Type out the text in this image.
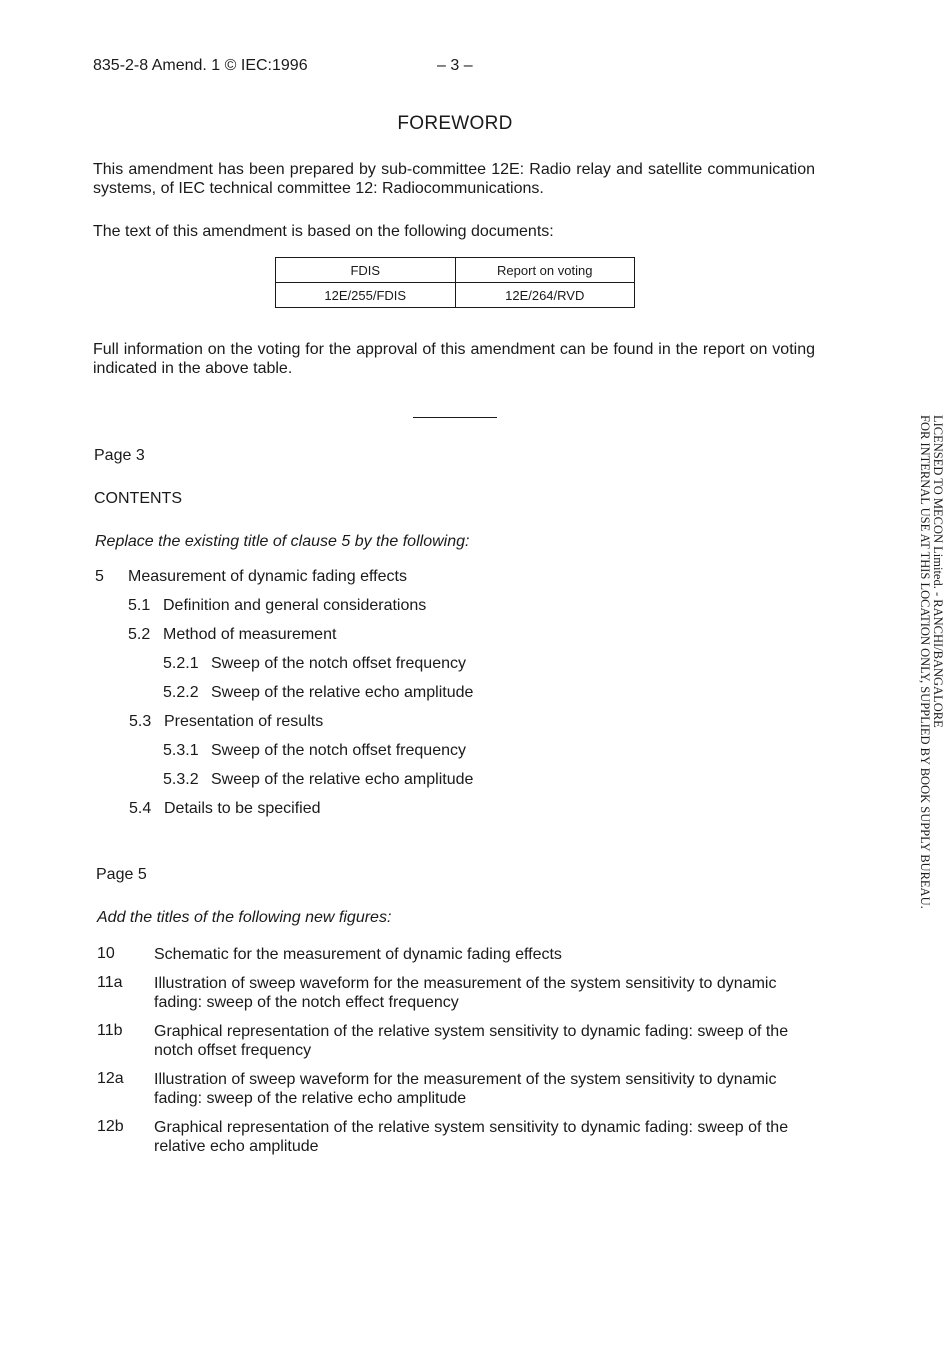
835-2-8 Amend. 1 © IEC:1996	– 3 –
FOREWORD
This amendment has been prepared by sub-committee 12E: Radio relay and satellite communication systems, of IEC technical committee 12: Radiocommunications.
The text of this amendment is based on the following documents:
FDIS	Report on voting
12E/255/FDIS	12E/264/RVD
Full information on the voting for the approval of this amendment can be found in the report on voting indicated in the above table.
Page 3
CONTENTS
Replace the existing title of clause 5 by the following:
5 Measurement of dynamic fading effects
5.1 Definition and general considerations
5.2 Method of measurement
5.2.1 Sweep of the notch offset frequency
5.2.2 Sweep of the relative echo amplitude
5.3 Presentation of results
5.3.1 Sweep of the notch offset frequency
5.3.2 Sweep of the relative echo amplitude
5.4 Details to be specified
Page 5
Add the titles of the following new figures:
10 Schematic for the measurement of dynamic fading effects
11a Illustration of sweep waveform for the measurement of the system sensitivity to dynamic fading: sweep of the notch effect frequency
11b Graphical representation of the relative system sensitivity to dynamic fading: sweep of the notch offset frequency
12a Illustration of sweep waveform for the measurement of the system sensitivity to dynamic fading: sweep of the relative echo amplitude
12b Graphical representation of the relative system sensitivity to dynamic fading: sweep of the relative echo amplitude
LICENSED TO MECON Limited. - RANCHI/BANGALORE
FOR INTERNAL USE AT THIS LOCATION ONLY, SUPPLIED BY BOOK SUPPLY BUREAU.
